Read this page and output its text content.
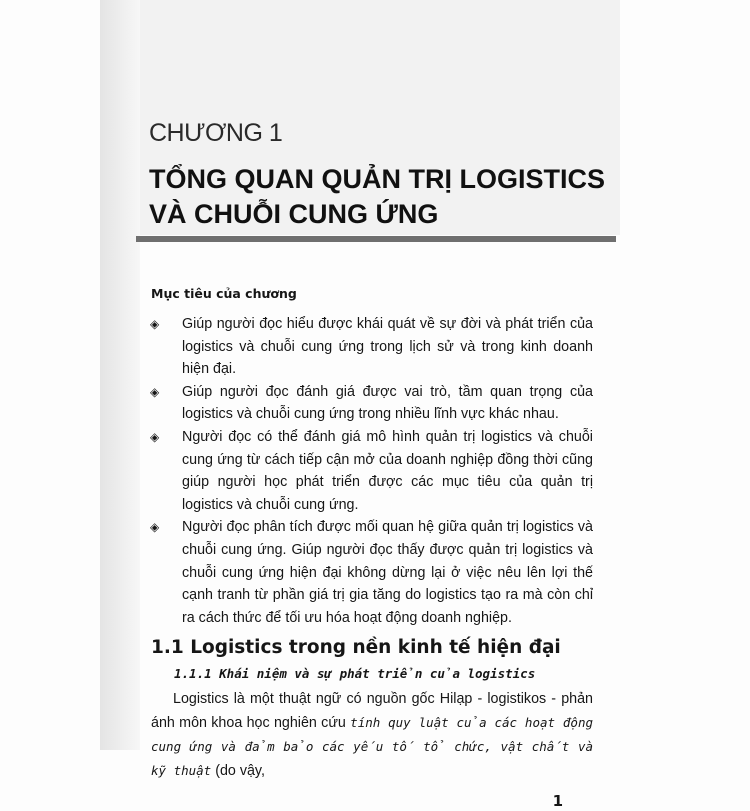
CHƯƠNG 1
TỔNG QUAN QUẢN TRỊ LOGISTICS
VÀ CHUỖI CUNG ỨNG
Mục tiêu của chương
◈ Giúp người đọc hiểu được khái quát về sự đời và phát triển của logistics và chuỗi cung ứng trong lịch sử và trong kinh doanh hiện đại.
◈ Giúp người đọc đánh giá được vai trò, tầm quan trọng của logistics và chuỗi cung ứng trong nhiều lĩnh vực khác nhau.
◈ Người đọc có thể đánh giá mô hình quản trị logistics và chuỗi cung ứng từ cách tiếp cận mở của doanh nghiệp đồng thời cũng giúp người học phát triển được các mục tiêu của quản trị logistics và chuỗi cung ứng.
◈ Người đọc phân tích được mối quan hệ giữa quản trị logistics và chuỗi cung ứng. Giúp người đọc thấy được quản trị logistics và chuỗi cung ứng hiện đại không dừng lại ở việc nêu lên lợi thế cạnh tranh từ phần giá trị gia tăng do logistics tạo ra mà còn chỉ ra cách thức để tối ưu hóa hoạt động doanh nghiệp.
1.1 Logistics trong nền kinh tế hiện đại
1.1.1 Khái niệm và sự phát triển của logistics
Logistics là một thuật ngữ có nguồn gốc Hilạp - logistikos - phản ánh môn khoa học nghiên cứu tính quy luật của các hoạt động cung ứng và đảm bảo các yếu tố tổ chức, vật chất và kỹ thuật (do vậy,
1
